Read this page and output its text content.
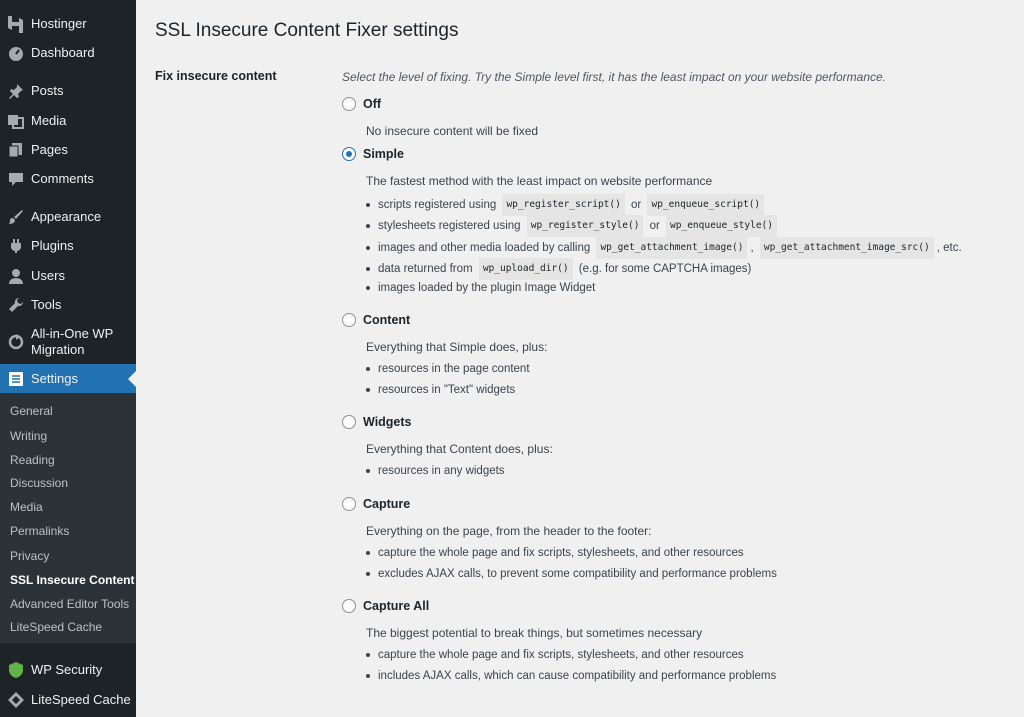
Hostinger
Dashboard
Posts
Media
Pages
Comments
Appearance
Plugins
Users
Tools
All-in-One WP
Migration
Settings
General
Writing
Reading
Discussion
Media
Permalinks
Privacy
SSL Insecure Content
Advanced Editor Tools
LiteSpeed Cache
WP Security
LiteSpeed Cache
SSL Insecure Content Fixer settings
Fix insecure content	Select the level of fixing. Try the Simple level first, it has the least impact on your website performance.
Off
No insecure content will be fixed
Simple
The fastest method with the least impact on website performance
scripts registered using wp_register_script() or wp_enqueue_script()
stylesheets registered using wp_register_style() or wp_enqueue_style()
images and other media loaded by calling wp_get_attachment_image() , wp_get_attachment_image_src() , etc.
data returned from wp_upload_dir() (e.g. for some CAPTCHA images)
images loaded by the plugin Image Widget
Content
Everything that Simple does, plus:
resources in the page content
resources in "Text" widgets
Widgets
Everything that Content does, plus:
resources in any widgets
Capture
Everything on the page, from the header to the footer:
capture the whole page and fix scripts, stylesheets, and other resources
excludes AJAX calls, to prevent some compatibility and performance problems
Capture All
The biggest potential to break things, but sometimes necessary
capture the whole page and fix scripts, stylesheets, and other resources
includes AJAX calls, which can cause compatibility and performance problems
